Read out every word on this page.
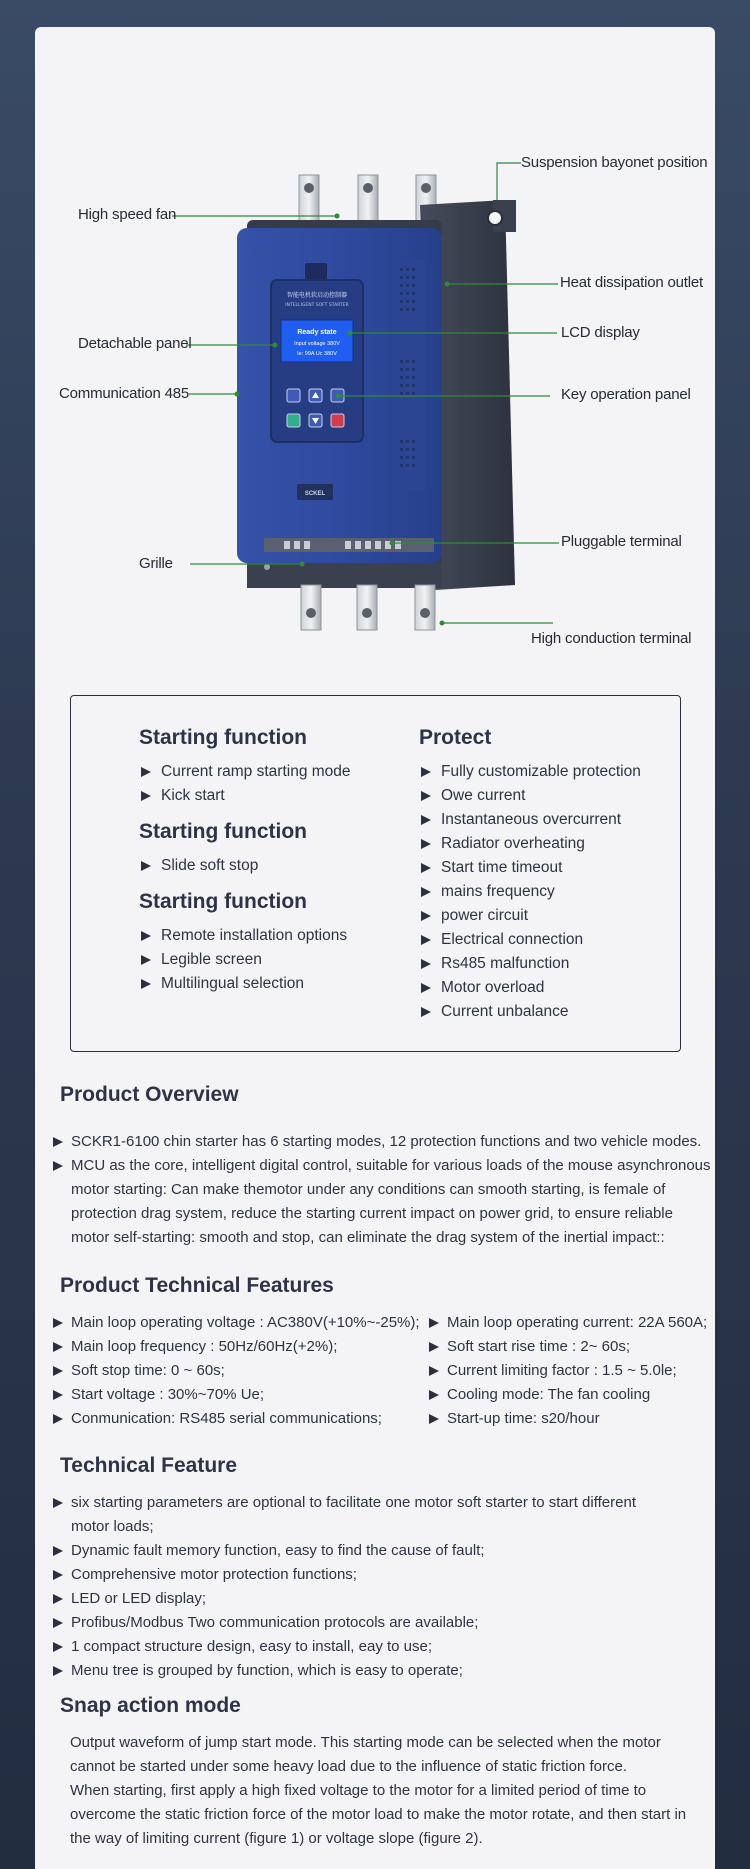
智能电机软启动控制器
INTELLIGENT SOFT STARTER
Ready state
Input voltage 380V
Ie: 99A Uc 380V
SCKEL
Suspension bayonet position
High speed fan
Heat dissipation outlet
LCD display
Detachable panel
Communication 485	Key operation panel
Pluggable terminal
Grille
High conduction terminal
Starting function
Current ramp starting mode
Kick start
Starting function
Slide soft stop
Starting function
Remote installation options
Legible screen
Multilingual selection
Protect
Fully customizable protection
Owe current
Instantaneous overcurrent
Radiator overheating
Start time timeout
mains frequency
power circuit
Electrical connection
Rs485 malfunction
Motor overload
Current unbalance
Product Overview
SCKR1-6100 chin starter has 6 starting modes, 12 protection functions and two vehicle modes.
MCU as the core, intelligent digital control, suitable for various loads of the mouse asynchronous motor starting: Can make themotor under any conditions can smooth starting, is female of protection drag system, reduce the starting current impact on power grid, to ensure reliable motor self-starting: smooth and stop, can eliminate the drag system of the inertial impact::
Product Technical Features
Main loop operating voltage : AC380V(+10%~-25%);
Main loop frequency : 50Hz/60Hz(+2%);
Soft stop time: 0 ~ 60s;
Start voltage : 30%~70% Ue;
Conmunication: RS485 serial communications;
Main loop operating current: 22A 560A;
Soft start rise time : 2~ 60s;
Current limiting factor : 1.5 ~ 5.0le;
Cooling mode: The fan cooling
Start-up time: s20/hour
Technical Feature
six starting parameters are optional to facilitate one motor soft starter to start different motor loads;
Dynamic fault memory function, easy to find the cause of fault;
Comprehensive motor protection functions;
LED or LED display;
Profibus/Modbus Two communication protocols are available;
1 compact structure design, easy to install, eay to use;
Menu tree is grouped by function, which is easy to operate;
Snap action mode

Output waveform of jump start mode. This starting mode can be selected when the motor cannot be started under some heavy load due to the influence of static friction force.

When starting, first apply a high fixed voltage to the motor for a limited period of time to overcome the static friction force of the motor load to make the motor rotate, and then start in the way of limiting current (figure 1) or voltage slope (figure 2).
